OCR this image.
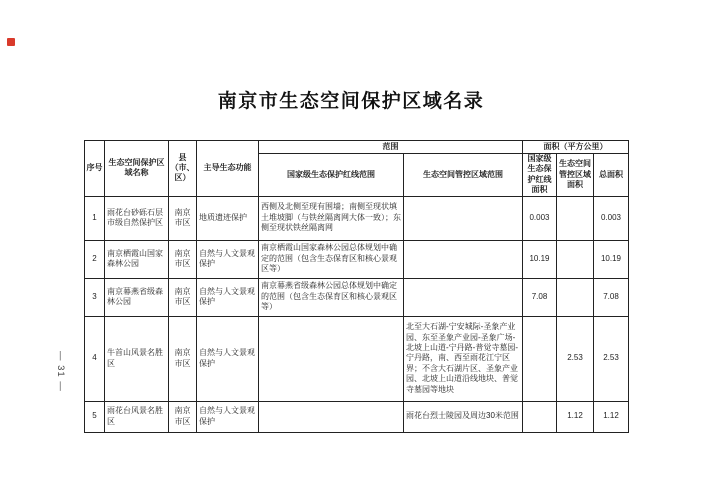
南京市生态空间保护区域名录
— 31 —
序号	生态空间保护区域名称	县（市、区）	主导生态功能	范围		面积（平方公里）		
				国家级生态保护红线范围	生态空间管控区域范围	国家级生态保护红线面积	生态空间管控区域面积	总面积
1	雨花台砂砾石层市级自然保护区	南京市区	地质遗迹保护	西侧及北侧至现有围墙；南侧至现状填土堆坡脚（与铁丝隔离网大体一致）；东侧至现状铁丝隔离网		0.003		0.003
2	南京栖霞山国家森林公园	南京市区	自然与人文景观保护	南京栖霞山国家森林公园总体规划中确定的范围（包含生态保育区和核心景观区等）		10.19		10.19
3	南京幕燕省级森林公园	南京市区	自然与人文景观保护	南京幕燕省级森林公园总体规划中确定的范围（包含生态保育区和核心景观区等）		7.08		7.08
4	牛首山风景名胜区	南京市区	自然与人文景观保护		北至大石湖-宁安城际-圣象产业园、东至圣象产业园-圣象广场-北坡上山道-宁丹路-普觉寺墓园-宁丹路，南、西至雨花江宁区界；不含大石湖片区、圣象产业园、北坡上山道沿线地块、普觉寺墓园等地块		2.53	2.53
5	雨花台风景名胜区	南京市区	自然与人文景观保护		雨花台烈士陵园及周边30米范围		1.12	1.12
